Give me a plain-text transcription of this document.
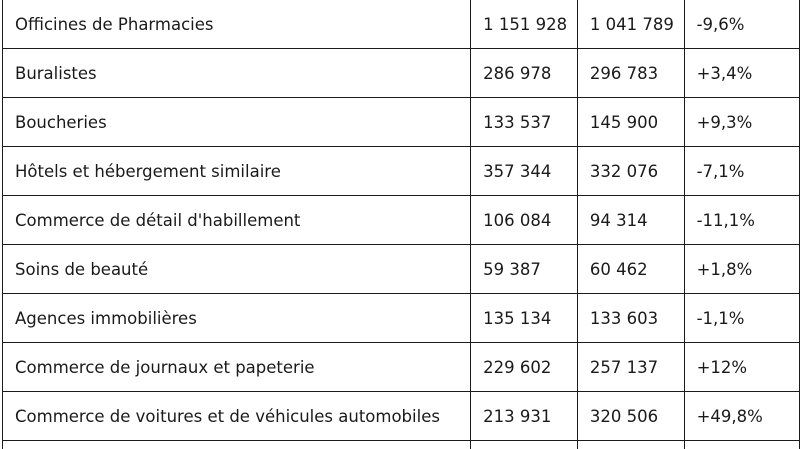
Officines de Pharmacies	1 151 928	1 041 789	-9,6%
Buralistes	286 978	296 783	+3,4%
Boucheries	133 537	145 900	+9,3%
Hôtels et hébergement similaire	357 344	332 076	-7,1%
Commerce de détail d'habillement	106 084	94 314	-11,1%
Soins de beauté	59 387	60 462	+1,8%
Agences immobilières	135 134	133 603	-1,1%
Commerce de journaux et papeterie	229 602	257 137	+12%
Commerce de voitures et de véhicules automobiles	213 931	320 506	+49,8%
